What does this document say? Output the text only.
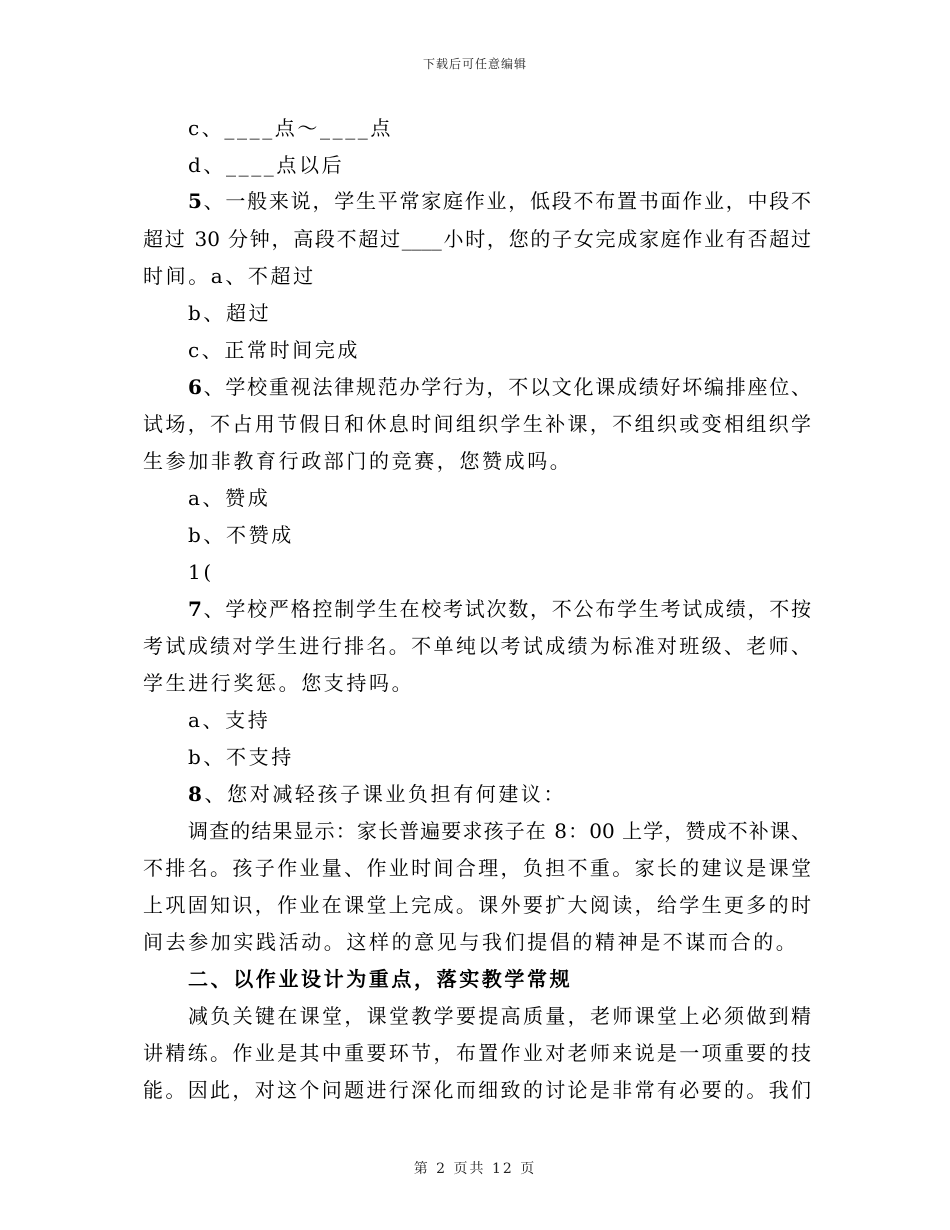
下载后可任意编辑
c、____点～____点
d、____点以后
5、一般来说，学生平常家庭作业，低段不布置书面作业，中段不
超过 30 分钟，高段不超过____小时，您的子女完成家庭作业有否超过
时间。a、不超过
b、超过
c、正常时间完成
6、学校重视法律规范办学行为，不以文化课成绩好坏编排座位、
试场，不占用节假日和休息时间组织学生补课，不组织或变相组织学
生参加非教育行政部门的竞赛，您赞成吗。
a、赞成
b、不赞成
1(
7、学校严格控制学生在校考试次数，不公布学生考试成绩，不按
考试成绩对学生进行排名。不单纯以考试成绩为标准对班级、老师、
学生进行奖惩。您支持吗。
a、支持
b、不支持
8、您对减轻孩子课业负担有何建议：
调查的结果显示：家长普遍要求孩子在 8：00 上学，赞成不补课、
不排名。孩子作业量、作业时间合理，负担不重。家长的建议是课堂
上巩固知识，作业在课堂上完成。课外要扩大阅读，给学生更多的时
间去参加实践活动。这样的意见与我们提倡的精神是不谋而合的。
二、以作业设计为重点，落实教学常规
减负关键在课堂，课堂教学要提高质量，老师课堂上必须做到精
讲精练。作业是其中重要环节，布置作业对老师来说是一项重要的技
能。因此，对这个问题进行深化而细致的讨论是非常有必要的。我们
第 2 页共 12 页
